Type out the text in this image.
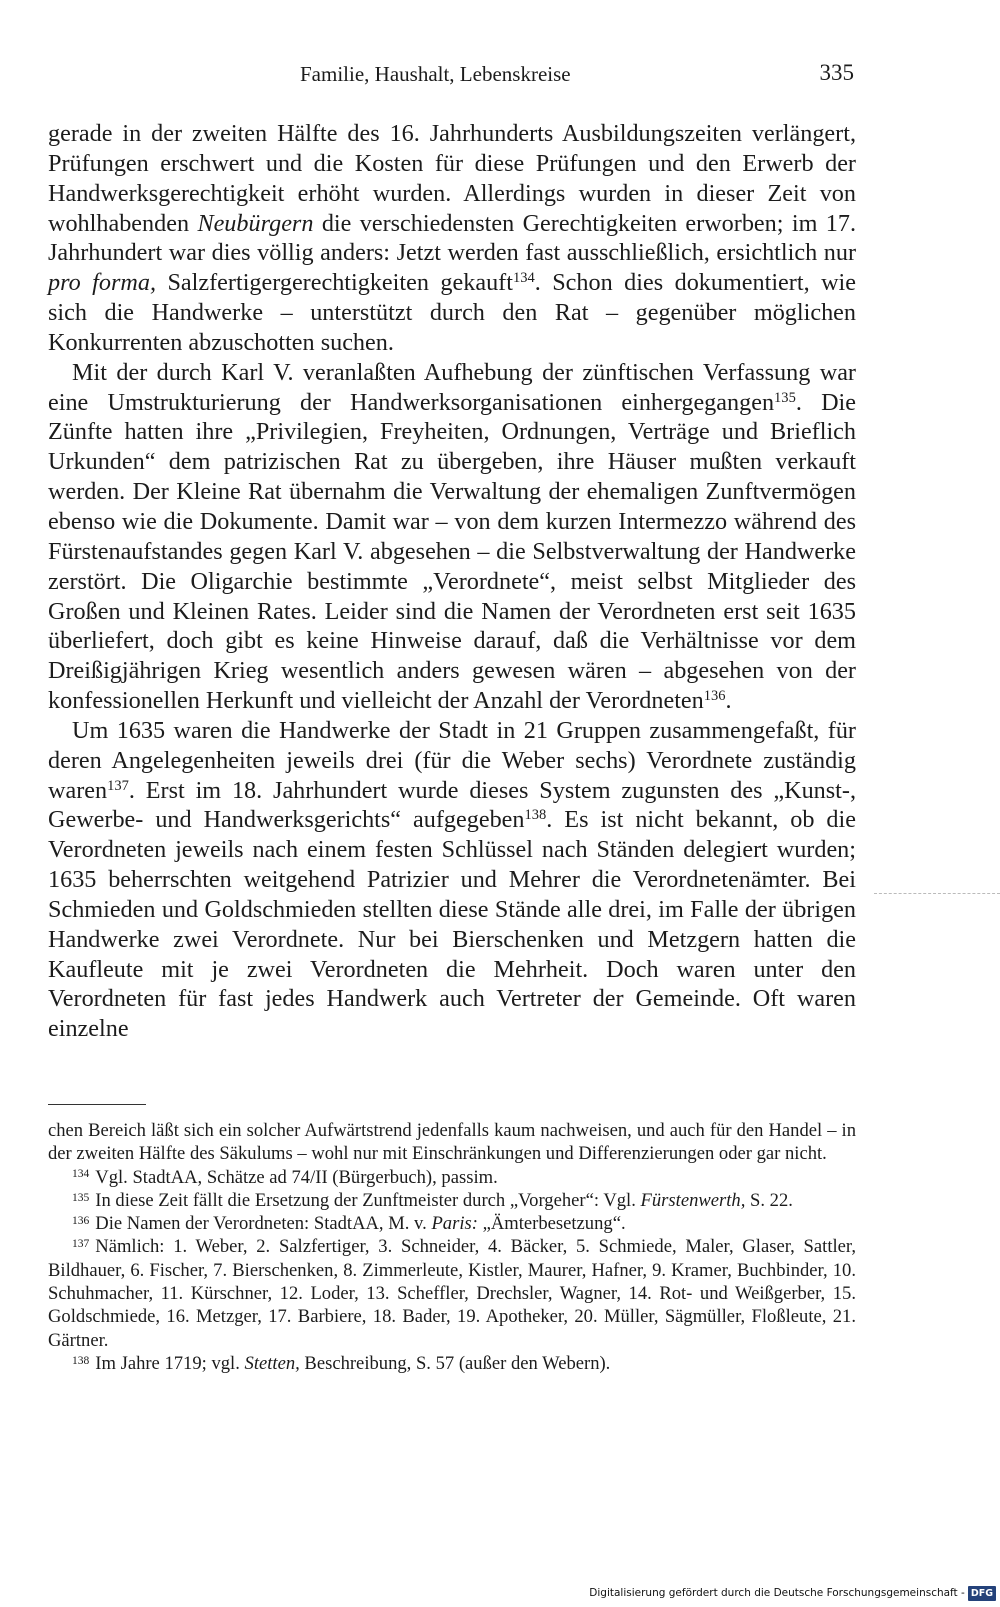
Familie, Haushalt, Lebenskreise	335

gerade in der zweiten Hälfte des 16. Jahrhunderts Ausbildungszeiten verlängert, Prüfungen erschwert und die Kosten für diese Prüfungen und den Erwerb der Handwerksgerechtigkeit erhöht wurden. Allerdings wurden in dieser Zeit von wohlhabenden Neubürgern die verschiedensten Gerechtigkeiten erworben; im 17. Jahrhundert war dies völlig anders: Jetzt werden fast ausschließlich, ersichtlich nur pro forma, Salzfertigergerechtigkeiten gekauft$^{134}$. Schon dies dokumentiert, wie sich die Handwerke – unterstützt durch den Rat – gegenüber möglichen Konkurrenten abzuschotten suchen.

Mit der durch Karl V. veranlaßten Aufhebung der zünftischen Verfassung war eine Umstrukturierung der Handwerksorganisationen einhergegangen$^{135}$. Die Zünfte hatten ihre „Privilegien, Freyheiten, Ordnungen, Verträge und Brieflich Urkunden“ dem patrizischen Rat zu übergeben, ihre Häuser mußten verkauft werden. Der Kleine Rat übernahm die Verwaltung der ehemaligen Zunftvermögen ebenso wie die Dokumente. Damit war – von dem kurzen Intermezzo während des Fürstenaufstandes gegen Karl V. abgesehen – die Selbstverwaltung der Handwerke zerstört. Die Oligarchie bestimmte „Verordnete“, meist selbst Mitglieder des Großen und Kleinen Rates. Leider sind die Namen der Verordneten erst seit 1635 überliefert, doch gibt es keine Hinweise darauf, daß die Verhältnisse vor dem Dreißigjährigen Krieg wesentlich anders gewesen wären – abgesehen von der konfessionellen Herkunft und vielleicht der Anzahl der Verordneten$^{136}$.

Um 1635 waren die Handwerke der Stadt in 21 Gruppen zusammengefaßt, für deren Angelegenheiten jeweils drei (für die Weber sechs) Verordnete zuständig waren$^{137}$. Erst im 18. Jahrhundert wurde dieses System zugunsten des „Kunst-, Gewerbe- und Handwerksgerichts“ aufgegeben$^{138}$. Es ist nicht bekannt, ob die Verordneten jeweils nach einem festen Schlüssel nach Ständen delegiert wurden; 1635 beherrschten weitgehend Patrizier und Mehrer die Verordnetenämter. Bei Schmieden und Goldschmieden stellten diese Stände alle drei, im Falle der übrigen Handwerke zwei Verordnete. Nur bei Bierschenken und Metzgern hatten die Kaufleute mit je zwei Verordneten die Mehrheit. Doch waren unter den Verordneten für fast jedes Handwerk auch Vertreter der Gemeinde. Oft waren einzelne

chen Bereich läßt sich ein solcher Aufwärtstrend jedenfalls kaum nachweisen, und auch für den Handel – in der zweiten Hälfte des Säkulums – wohl nur mit Einschränkungen und Differenzierungen oder gar nicht.

$^{134}$ Vgl. StadtAA, Schätze ad 74/II (Bürgerbuch), passim.

$^{135}$ In diese Zeit fällt die Ersetzung der Zunftmeister durch „Vorgeher“: Vgl. Fürstenwerth, S. 22.

$^{136}$ Die Namen der Verordneten: StadtAA, M. v. Paris: „Ämterbesetzung“.

$^{137}$ Nämlich: 1. Weber, 2. Salzfertiger, 3. Schneider, 4. Bäcker, 5. Schmiede, Maler, Glaser, Sattler, Bildhauer, 6. Fischer, 7. Bierschenken, 8. Zimmerleute, Kistler, Maurer, Hafner, 9. Kramer, Buchbinder, 10. Schuhmacher, 11. Kürschner, 12. Loder, 13. Scheffler, Drechsler, Wagner, 14. Rot- und Weißgerber, 15. Goldschmiede, 16. Metzger, 17. Barbiere, 18. Bader, 19. Apotheker, 20. Müller, Sägmüller, Floßleute, 21. Gärtner.

$^{138}$ Im Jahre 1719; vgl. Stetten, Beschreibung, S. 57 (außer den Webern).

Digitalisierung gefördert durch die Deutsche Forschungsgemeinschaft - DFG
